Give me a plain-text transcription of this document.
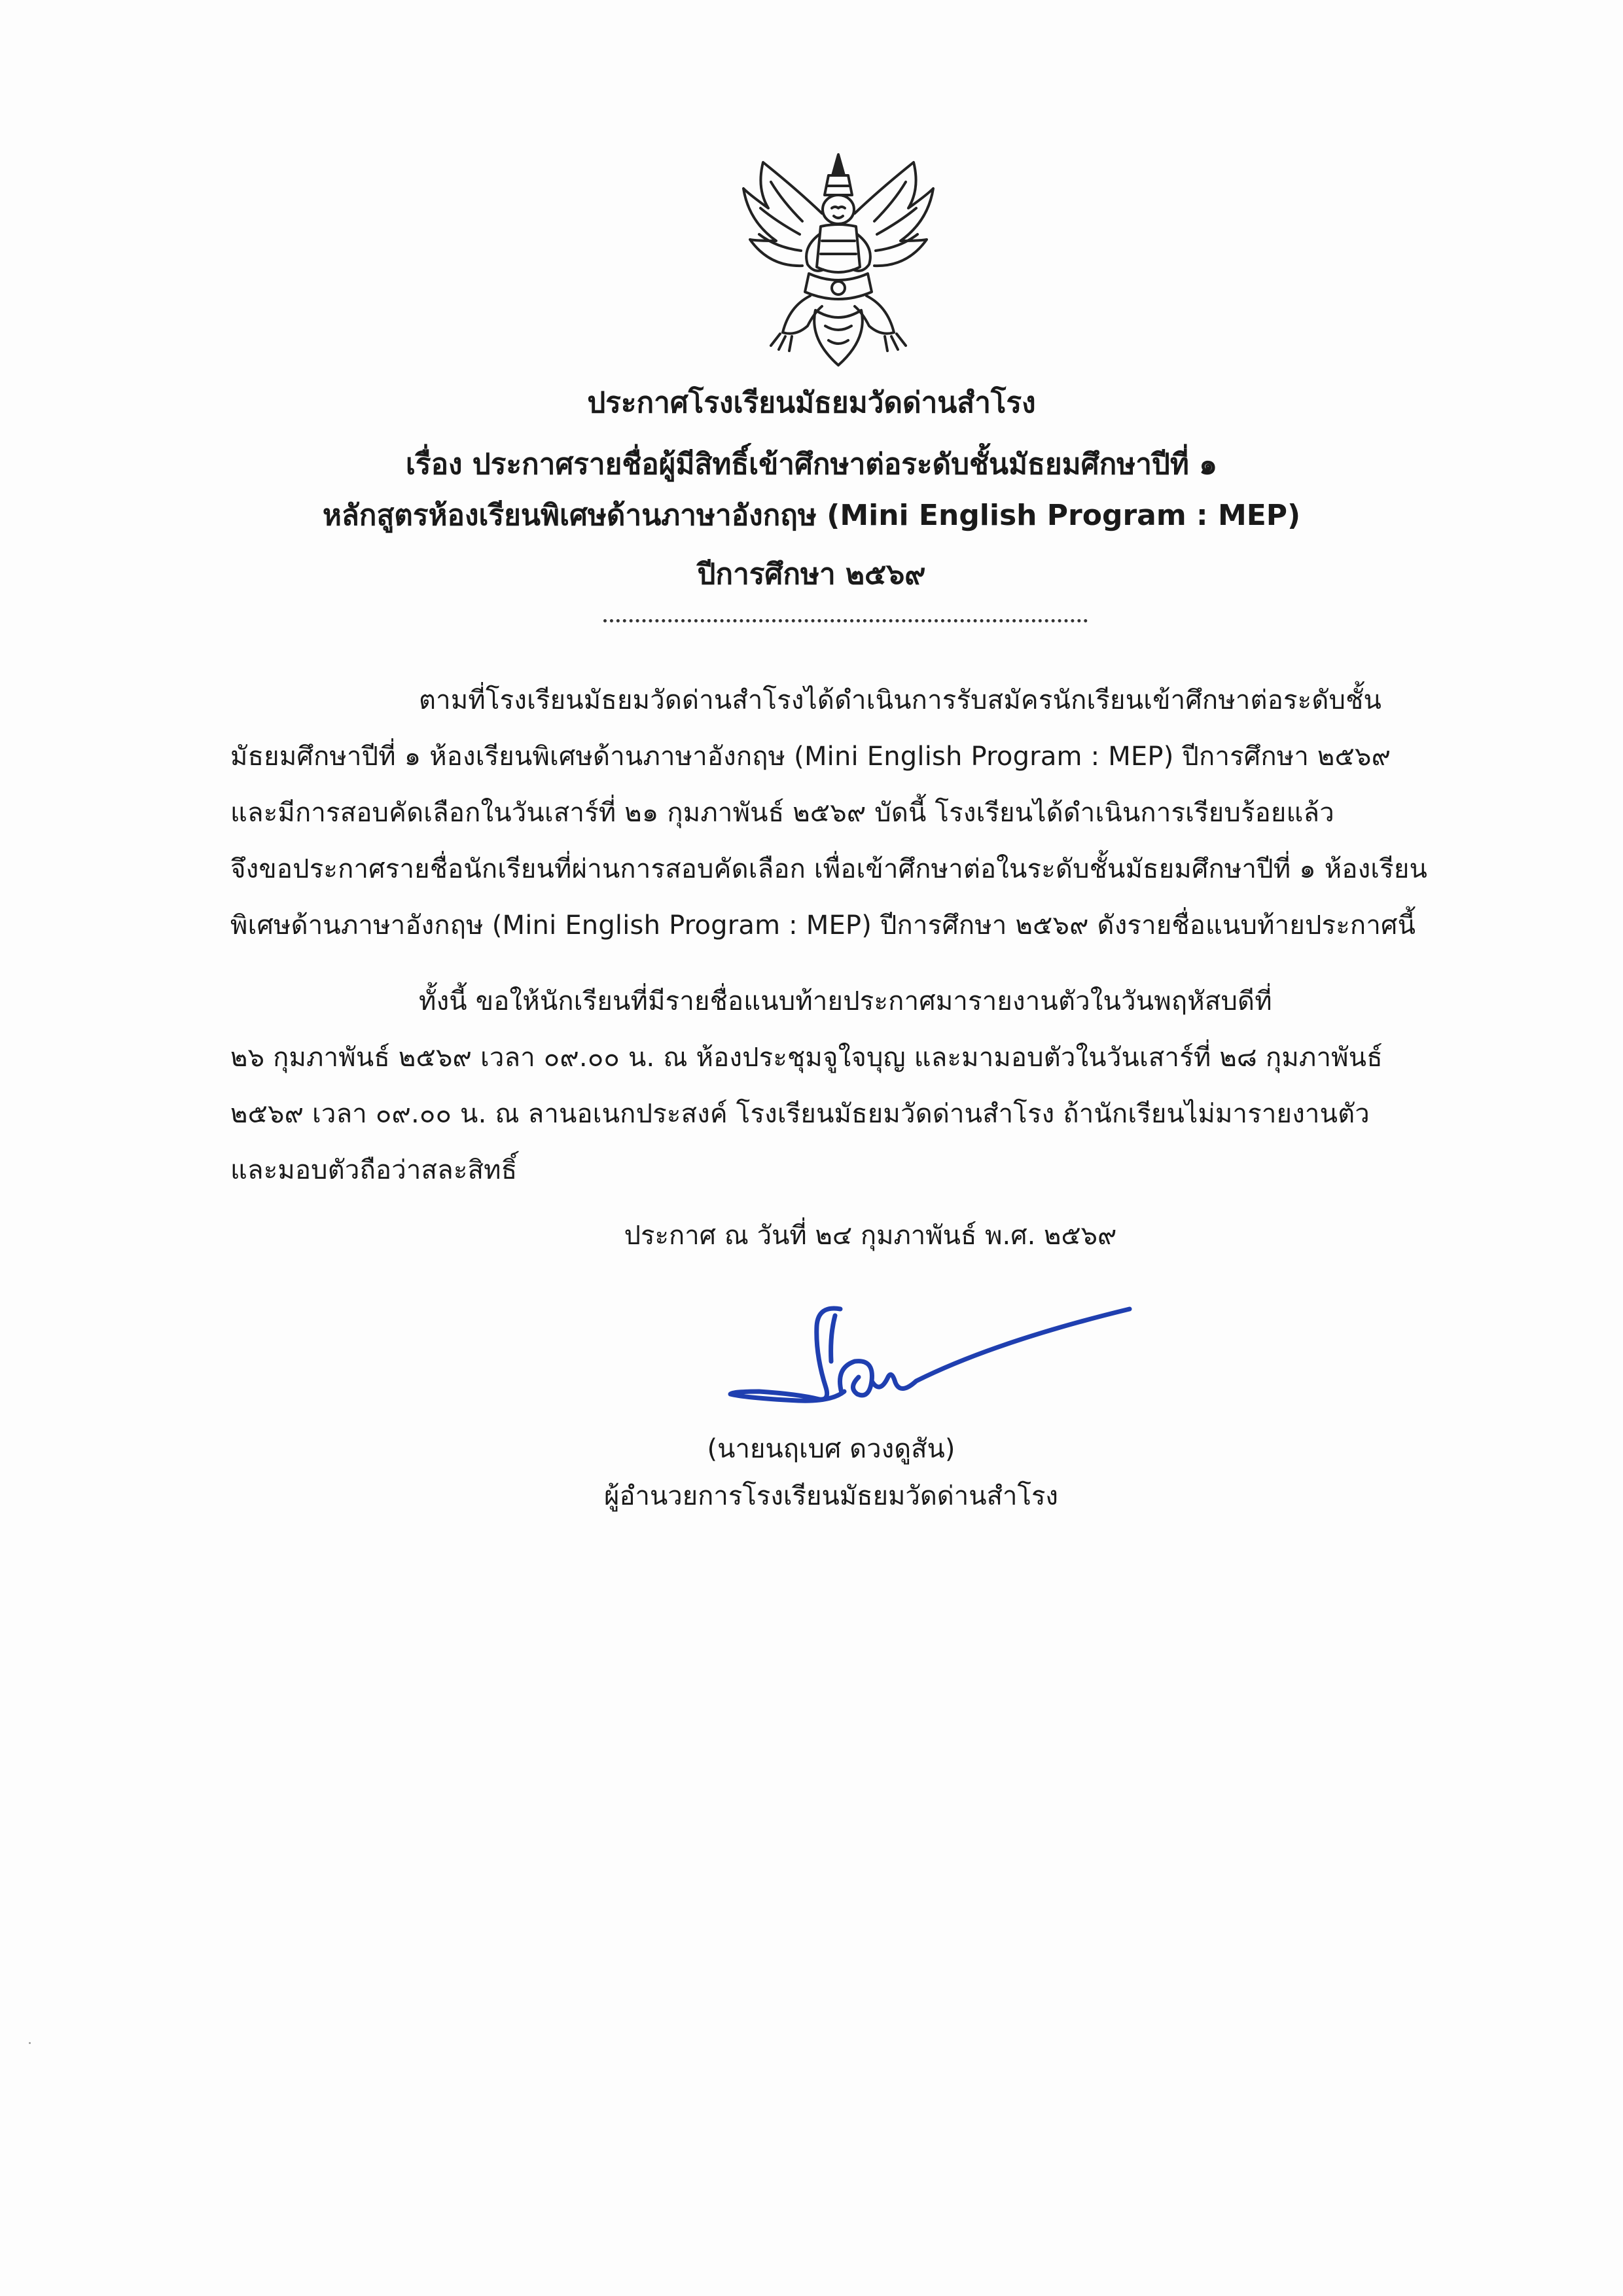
ประกาศโรงเรียนมัธยมวัดด่านสำโรง
เรื่อง ประกาศรายชื่อผู้มีสิทธิ์เข้าศึกษาต่อระดับชั้นมัธยมศึกษาปีที่ ๑
หลักสูตรห้องเรียนพิเศษด้านภาษาอังกฤษ (Mini English Program : MEP)
ปีการศึกษา ๒๕๖๙
ตามที่โรงเรียนมัธยมวัดด่านสำโรงได้ดำเนินการรับสมัครนักเรียนเข้าศึกษาต่อระดับชั้น
มัธยมศึกษาปีที่ ๑ ห้องเรียนพิเศษด้านภาษาอังกฤษ (Mini English Program : MEP) ปีการศึกษา ๒๕๖๙
และมีการสอบคัดเลือกในวันเสาร์ที่ ๒๑ กุมภาพันธ์ ๒๕๖๙ บัดนี้ โรงเรียนได้ดำเนินการเรียบร้อยแล้ว
จึงขอประกาศรายชื่อนักเรียนที่ผ่านการสอบคัดเลือก เพื่อเข้าศึกษาต่อในระดับชั้นมัธยมศึกษาปีที่ ๑ ห้องเรียน
พิเศษด้านภาษาอังกฤษ (Mini English Program : MEP) ปีการศึกษา ๒๕๖๙ ดังรายชื่อแนบท้ายประกาศนี้
ทั้งนี้ ขอให้นักเรียนที่มีรายชื่อแนบท้ายประกาศมารายงานตัวในวันพฤหัสบดีที่
๒๖ กุมภาพันธ์ ๒๕๖๙ เวลา ๐๙.๐๐ น. ณ ห้องประชุมจูใจบุญ และมามอบตัวในวันเสาร์ที่ ๒๘ กุมภาพันธ์
๒๕๖๙ เวลา ๐๙.๐๐ น. ณ ลานอเนกประสงค์ โรงเรียนมัธยมวัดด่านสำโรง ถ้านักเรียนไม่มารายงานตัว
และมอบตัวถือว่าสละสิทธิ์
ประกาศ ณ วันที่ ๒๔ กุมภาพันธ์ พ.ศ. ๒๕๖๙
(นายนฤเบศ ดวงดูสัน)
ผู้อำนวยการโรงเรียนมัธยมวัดด่านสำโรง
